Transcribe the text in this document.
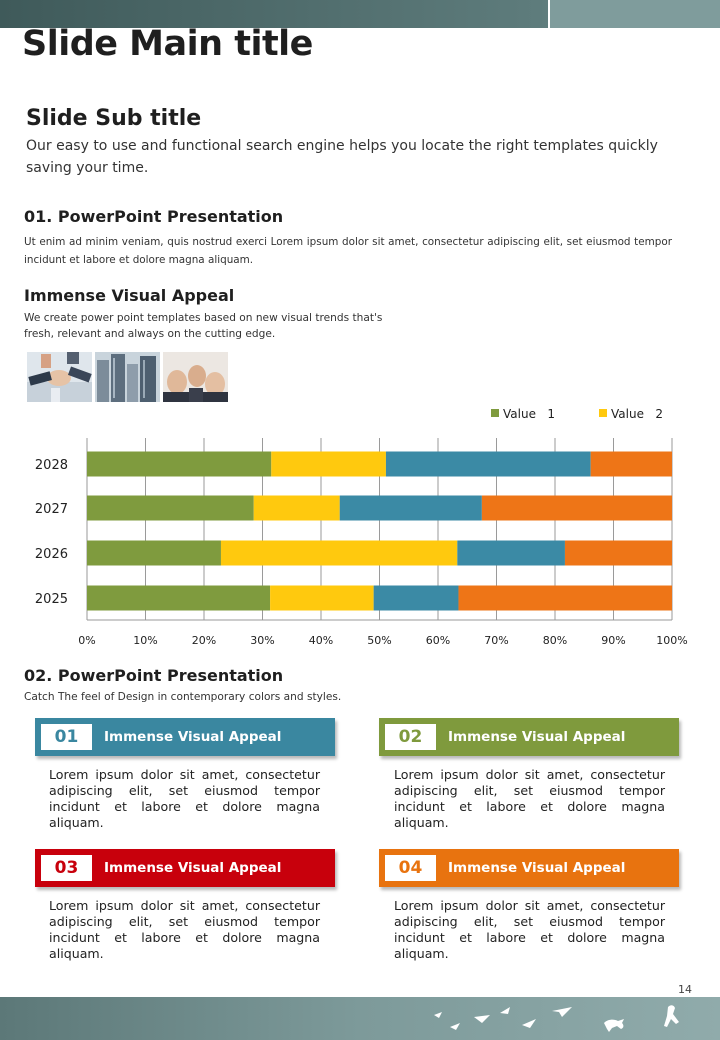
Slide Main title
Slide Sub title
Our easy to use and functional search engine helps you locate the right templates quickly saving your time.
01. PowerPoint Presentation
Ut enim ad minim veniam, quis nostrud exerci Lorem ipsum dolor sit amet, consectetur adipiscing elit, set eiusmod tempor incidunt et labore et dolore magna aliquam.
Immense Visual Appeal
We create power point templates based on new visual trends that's fresh, relevant and always on the cutting edge.
2025
2026
2027
2028
0%	10%	20%	30%	40%	50%	60%	70%	80%	90%	100%
Value   1	Value   2
02. PowerPoint Presentation
Catch The feel of Design in contemporary colors and styles.
01	Immense Visual Appeal
Lorem ipsum dolor sit amet, consectetur adipiscing elit, set eiusmod tempor incidunt et labore et dolore magna aliquam.
02	Immense Visual Appeal
Lorem ipsum dolor sit amet, consectetur adipiscing elit, set eiusmod tempor incidunt et labore et dolore magna aliquam.
03	Immense Visual Appeal
Lorem ipsum dolor sit amet, consectetur adipiscing elit, set eiusmod tempor incidunt et labore et dolore magna aliquam.
04	Immense Visual Appeal
Lorem ipsum dolor sit amet, consectetur adipiscing elit, set eiusmod tempor incidunt et labore et dolore magna aliquam.
14
